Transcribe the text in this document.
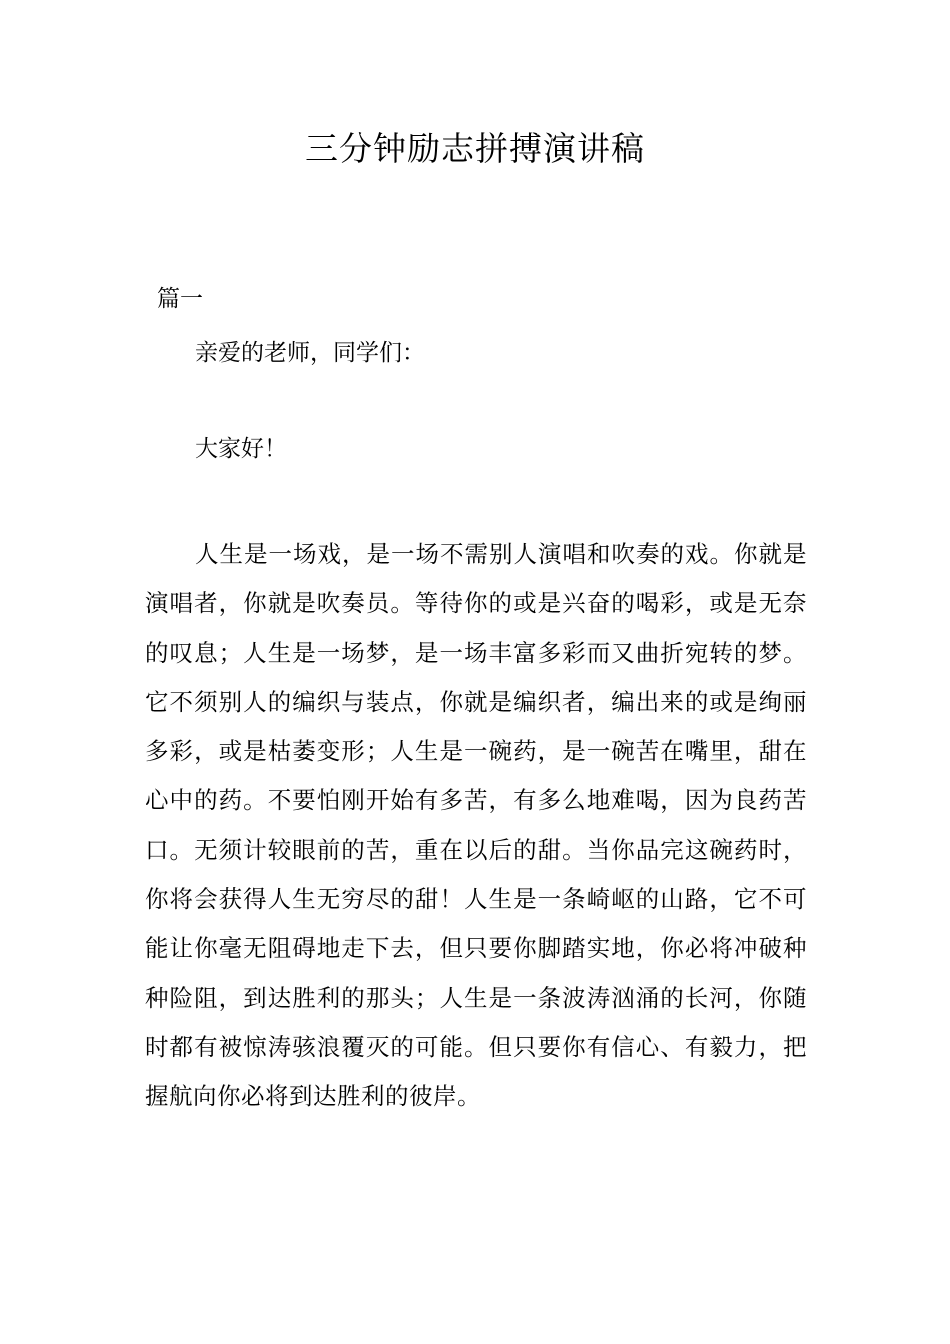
三分钟励志拼搏演讲稿

篇一

亲爱的老师，同学们：

大家好！

人生是一场戏，是一场不需别人演唱和吹奏的戏。你就是演唱者，你就是吹奏员。等待你的或是兴奋的喝彩，或是无奈的叹息；人生是一场梦，是一场丰富多彩而又曲折宛转的梦。它不须别人的编织与装点，你就是编织者，编出来的或是绚丽多彩，或是枯萎变形；人生是一碗药，是一碗苦在嘴里，甜在心中的药。不要怕刚开始有多苦，有多么地难喝，因为良药苦口。无须计较眼前的苦，重在以后的甜。当你品完这碗药时，你将会获得人生无穷尽的甜！人生是一条崎岖的山路，它不可能让你毫无阻碍地走下去，但只要你脚踏实地，你必将冲破种种险阻，到达胜利的那头；人生是一条波涛汹涌的长河，你随时都有被惊涛骇浪覆灭的可能。但只要你有信心、有毅力，把握航向你必将到达胜利的彼岸。
